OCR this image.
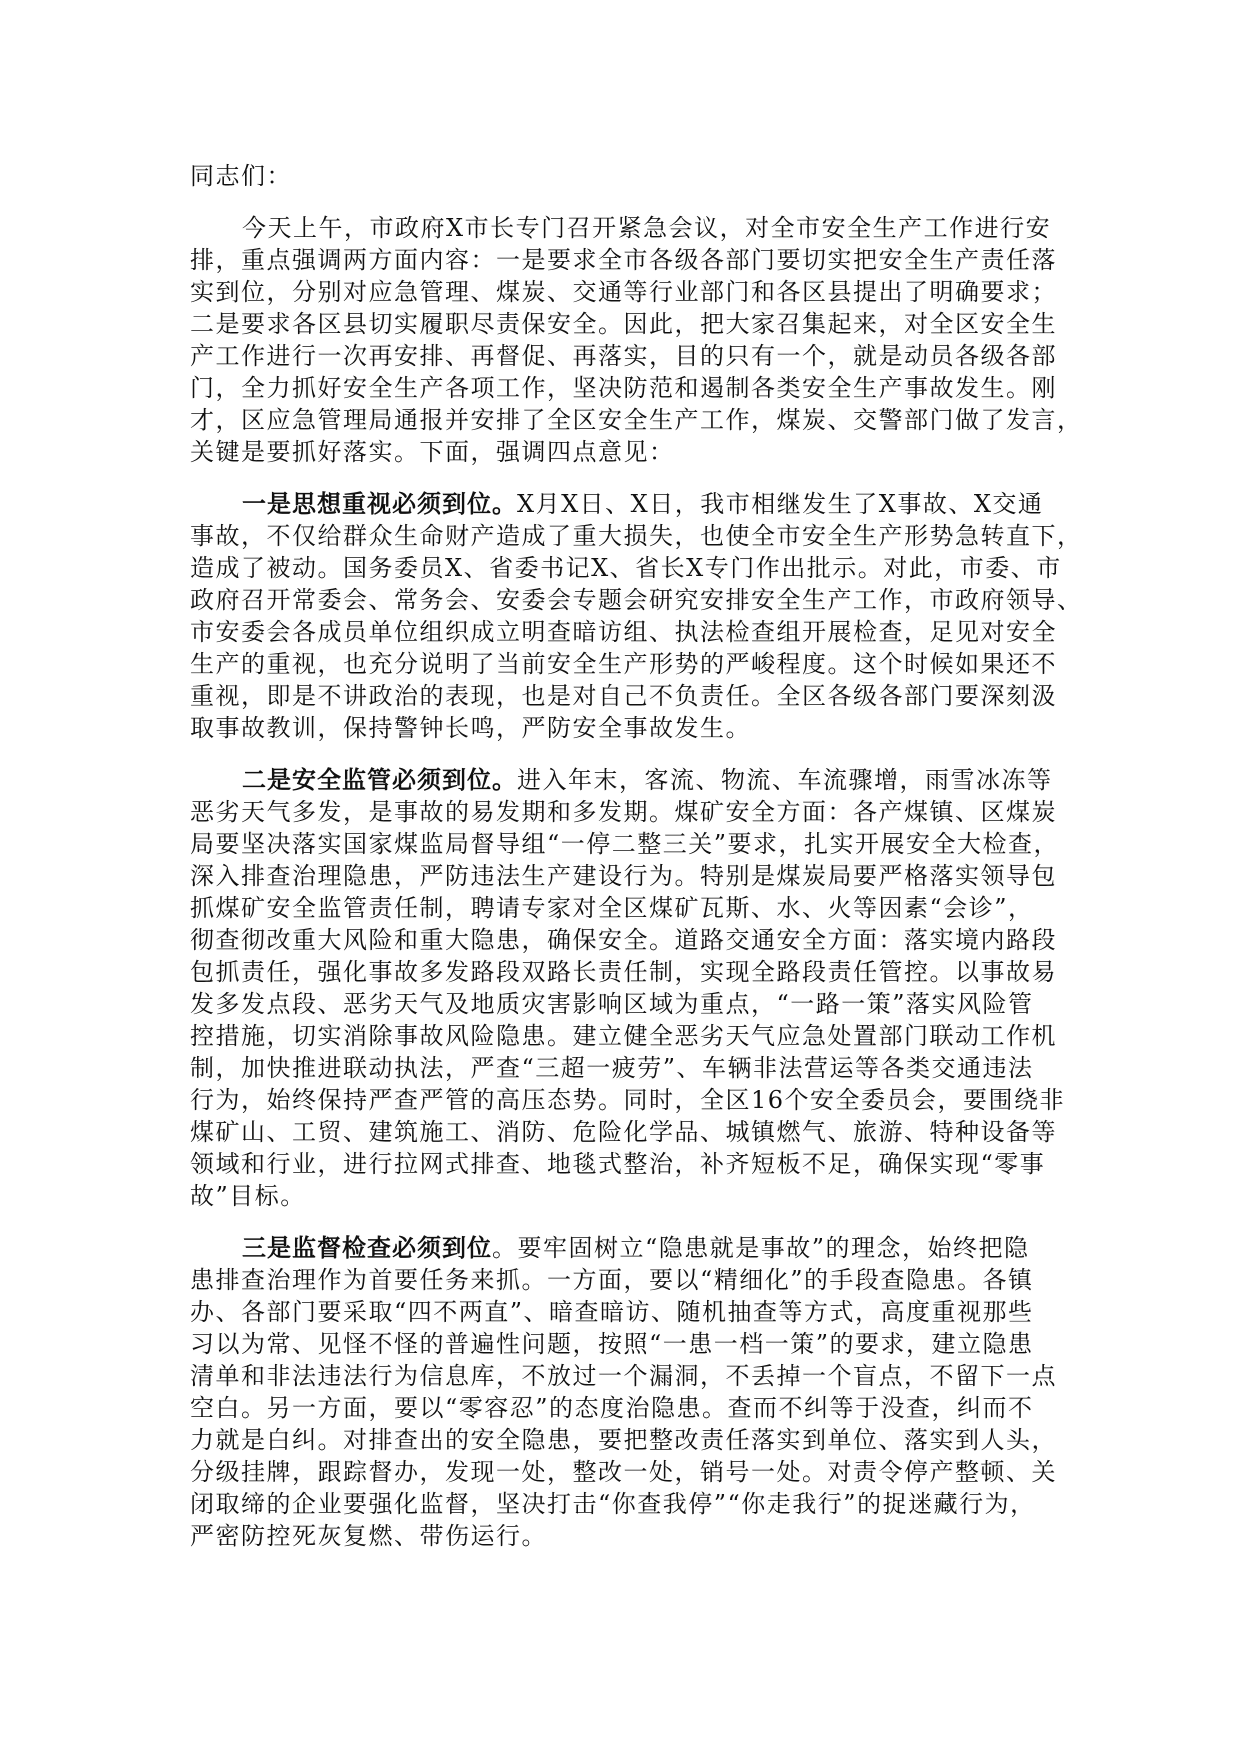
同志们：
今天上午，市政府X市长专门召开紧急会议，对全市安全生产工作进行安
排，重点强调两方面内容：一是要求全市各级各部门要切实把安全生产责任落
实到位，分别对应急管理、煤炭、交通等行业部门和各区县提出了明确要求；
二是要求各区县切实履职尽责保安全。因此，把大家召集起来，对全区安全生
产工作进行一次再安排、再督促、再落实，目的只有一个，就是动员各级各部
门，全力抓好安全生产各项工作，坚决防范和遏制各类安全生产事故发生。刚
才，区应急管理局通报并安排了全区安全生产工作，煤炭、交警部门做了发言，
关键是要抓好落实。下面，强调四点意见：
一是思想重视必须到位。X月X日、X日，我市相继发生了X事故、X交通
事故，不仅给群众生命财产造成了重大损失，也使全市安全生产形势急转直下，
造成了被动。国务委员X、省委书记X、省长X专门作出批示。对此，市委、市
政府召开常委会、常务会、安委会专题会研究安排安全生产工作，市政府领导、
市安委会各成员单位组织成立明查暗访组、执法检查组开展检查，足见对安全
生产的重视，也充分说明了当前安全生产形势的严峻程度。这个时候如果还不
重视，即是不讲政治的表现，也是对自己不负责任。全区各级各部门要深刻汲
取事故教训，保持警钟长鸣，严防安全事故发生。
二是安全监管必须到位。进入年末，客流、物流、车流骤增，雨雪冰冻等
恶劣天气多发，是事故的易发期和多发期。煤矿安全方面：各产煤镇、区煤炭
局要坚决落实国家煤监局督导组“一停二整三关”要求，扎实开展安全大检查，
深入排查治理隐患，严防违法生产建设行为。特别是煤炭局要严格落实领导包
抓煤矿安全监管责任制，聘请专家对全区煤矿瓦斯、水、火等因素“会诊”，
彻查彻改重大风险和重大隐患，确保安全。道路交通安全方面：落实境内路段
包抓责任，强化事故多发路段双路长责任制，实现全路段责任管控。以事故易
发多发点段、恶劣天气及地质灾害影响区域为重点，“一路一策”落实风险管
控措施，切实消除事故风险隐患。建立健全恶劣天气应急处置部门联动工作机
制，加快推进联动执法，严查“三超一疲劳”、车辆非法营运等各类交通违法
行为，始终保持严查严管的高压态势。同时，全区16个安全委员会，要围绕非
煤矿山、工贸、建筑施工、消防、危险化学品、城镇燃气、旅游、特种设备等
领域和行业，进行拉网式排查、地毯式整治，补齐短板不足，确保实现“零事
故”目标。
三是监督检查必须到位。要牢固树立“隐患就是事故”的理念，始终把隐
患排查治理作为首要任务来抓。一方面，要以“精细化”的手段查隐患。各镇
办、各部门要采取“四不两直”、暗查暗访、随机抽查等方式，高度重视那些
习以为常、见怪不怪的普遍性问题，按照“一患一档一策”的要求，建立隐患
清单和非法违法行为信息库，不放过一个漏洞，不丢掉一个盲点，不留下一点
空白。另一方面，要以“零容忍”的态度治隐患。查而不纠等于没查，纠而不
力就是白纠。对排查出的安全隐患，要把整改责任落实到单位、落实到人头，
分级挂牌，跟踪督办，发现一处，整改一处，销号一处。对责令停产整顿、关
闭取缔的企业要强化监督，坚决打击“你查我停”“你走我行”的捉迷藏行为，
严密防控死灰复燃、带伤运行。
